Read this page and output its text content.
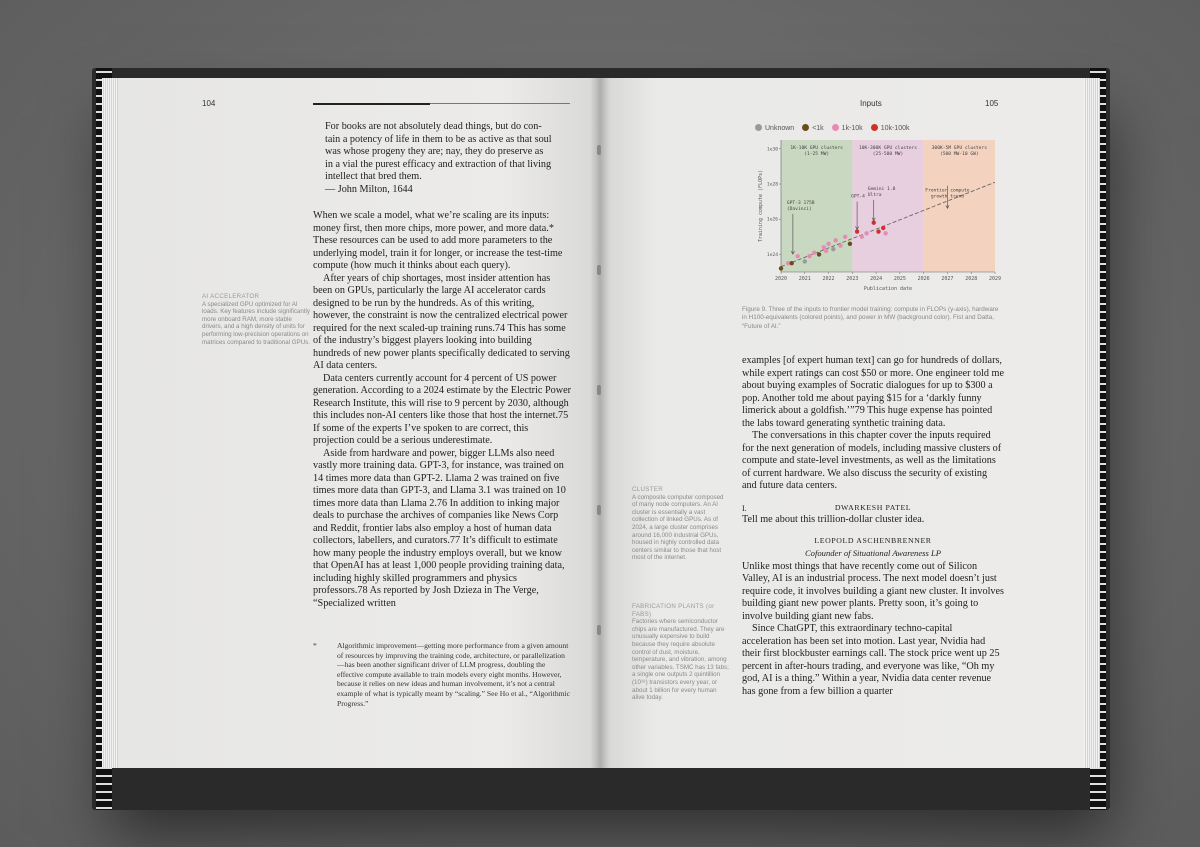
104
For books are not absolutely dead things, but do con-
tain a potency of life in them to be as active as that soul
was whose progeny they are; nay, they do preserve as
in a vial the purest efficacy and extraction of that living
intellect that bred them.
— John Milton, 1644

When we scale a model, what we’re scaling are its inputs: money first, then more chips, more power, and more data.* These resources can be used to add more parameters to the underlying model, train it for longer, or increase the test-time compute (how much it thinks about each query).

After years of chip shortages, most insider attention has been on GPUs, particularly the large AI accelerator cards designed to be run by the hundreds. As of this writing, however, the constraint is now the centralized electrical power required for the next scaled-up training runs.74 This has some of the industry’s biggest players looking into building hundreds of new power plants specifically dedicated to serving AI data centers.

Data centers currently account for 4 percent of US power generation. According to a 2024 estimate by the Electric Power Research Institute, this will rise to 9 percent by 2030, although this includes non-AI centers like those that host the internet.75 If some of the experts I’ve spoken to are correct, this projection could be a serious underestimate.

Aside from hardware and power, bigger LLMs also need vastly more training data. GPT-3, for instance, was trained on 14 times more data than GPT-2. Llama 2 was trained on five times more data than GPT-3, and Llama 3.1 was trained on 10 times more data than Llama 2.76 In addition to inking major deals to purchase the archives of companies like News Corp and Reddit, frontier labs also employ a host of human data collectors, labellers, and curators.77 It’s difficult to estimate how many people the industry employs overall, but we know that OpenAI has at least 1,000 people providing training data, including highly skilled programmers and physics professors.78 As reported by Josh Dzieza in The Verge, “Specialized written

AI ACCELERATOR
A specialized GPU optimized for AI loads. Key features include significantly more onboard RAM, more stable drivers, and a high density of units for performing low-precision operations on matrices compared to traditional GPUs.
*	Algorithmic improvement—getting more performance from a given amount of resources by improving the training code, architecture, or parallelization—has been another significant driver of LLM progress, doubling the effective compute available to train models every eight months. However, because it relies on new ideas and human involvement, it’s not a central example of what is typically meant by “scaling.” See Ho et al., “Algorithmic Progress.”
Inputs	105
Unknown	<1k	1k-10k	10k-100k
1K-10K GPU clusters
(1-25 MW)
10K-300K GPU clusters
(25-500 MW)
300K-5M GPU clusters
(500 MW-10 GW)
2020 2021 2022 2023 2024 2025 2026 2027 2028 2029
1e24
1e26
1e28
1e30
Publication date
Training compute (FLOPs)	GPT-3 175B
(Davinci)
GPT-4
Gemini 1.0
Ultra
Frontier compute
growth trend
Figure 9. Three of the inputs to frontier model training: compute in FLOPs (y-axis), hardware in H100-equivalents (colored points), and power in MW (background color). Fist and Datta, “Future of AI.”

examples [of expert human text] can go for hundreds of dollars, while expert ratings can cost $50 or more. One engineer told me about buying examples of Socratic dialogues for up to $300 a pop. Another told me about paying $15 for a ‘darkly funny limerick about a goldfish.’”79 This huge expense has pointed the labs toward generating synthetic training data.

The conversations in this chapter cover the inputs required for the next generation of models, including massive clusters of compute and state-level investments, as well as the limitations of current hardware. We also discuss the security of existing and future data centers.

I.	DWARKESH PATEL
Tell me about this trillion-dollar cluster idea.
LEOPOLD ASCHENBRENNER
Cofounder of Situational Awareness LP

Unlike most things that have recently come out of Silicon Valley, AI is an industrial process. The next model doesn’t just require code, it involves building a giant new cluster. It involves building giant new power plants. Pretty soon, it’s going to involve building giant new fabs.

Since ChatGPT, this extraordinary techno-capital acceleration has been set into motion. Last year, Nvidia had their first blockbuster earnings call. The stock price went up 25 percent in after-hours trading, and everyone was like, “Oh my god, AI is a thing.” Within a year, Nvidia data center revenue has gone from a few billion a quarter

CLUSTER
A composite computer composed of many node computers. An AI cluster is essentially a vast collection of linked GPUs. As of 2024, a large cluster comprises around 16,000 industrial GPUs, housed in highly controlled data centers similar to those that host most of the internet.
FABRICATION PLANTS (or FABS)
Factories where semiconductor chips are manufactured. They are unusually expensive to build because they require absolute control of dust, moisture, temperature, and vibration, among other variables. TSMC has 13 fabs; a single one outputs 2 quintillion (10¹⁸) transistors every year, or about 1 billion for every human alive today.
